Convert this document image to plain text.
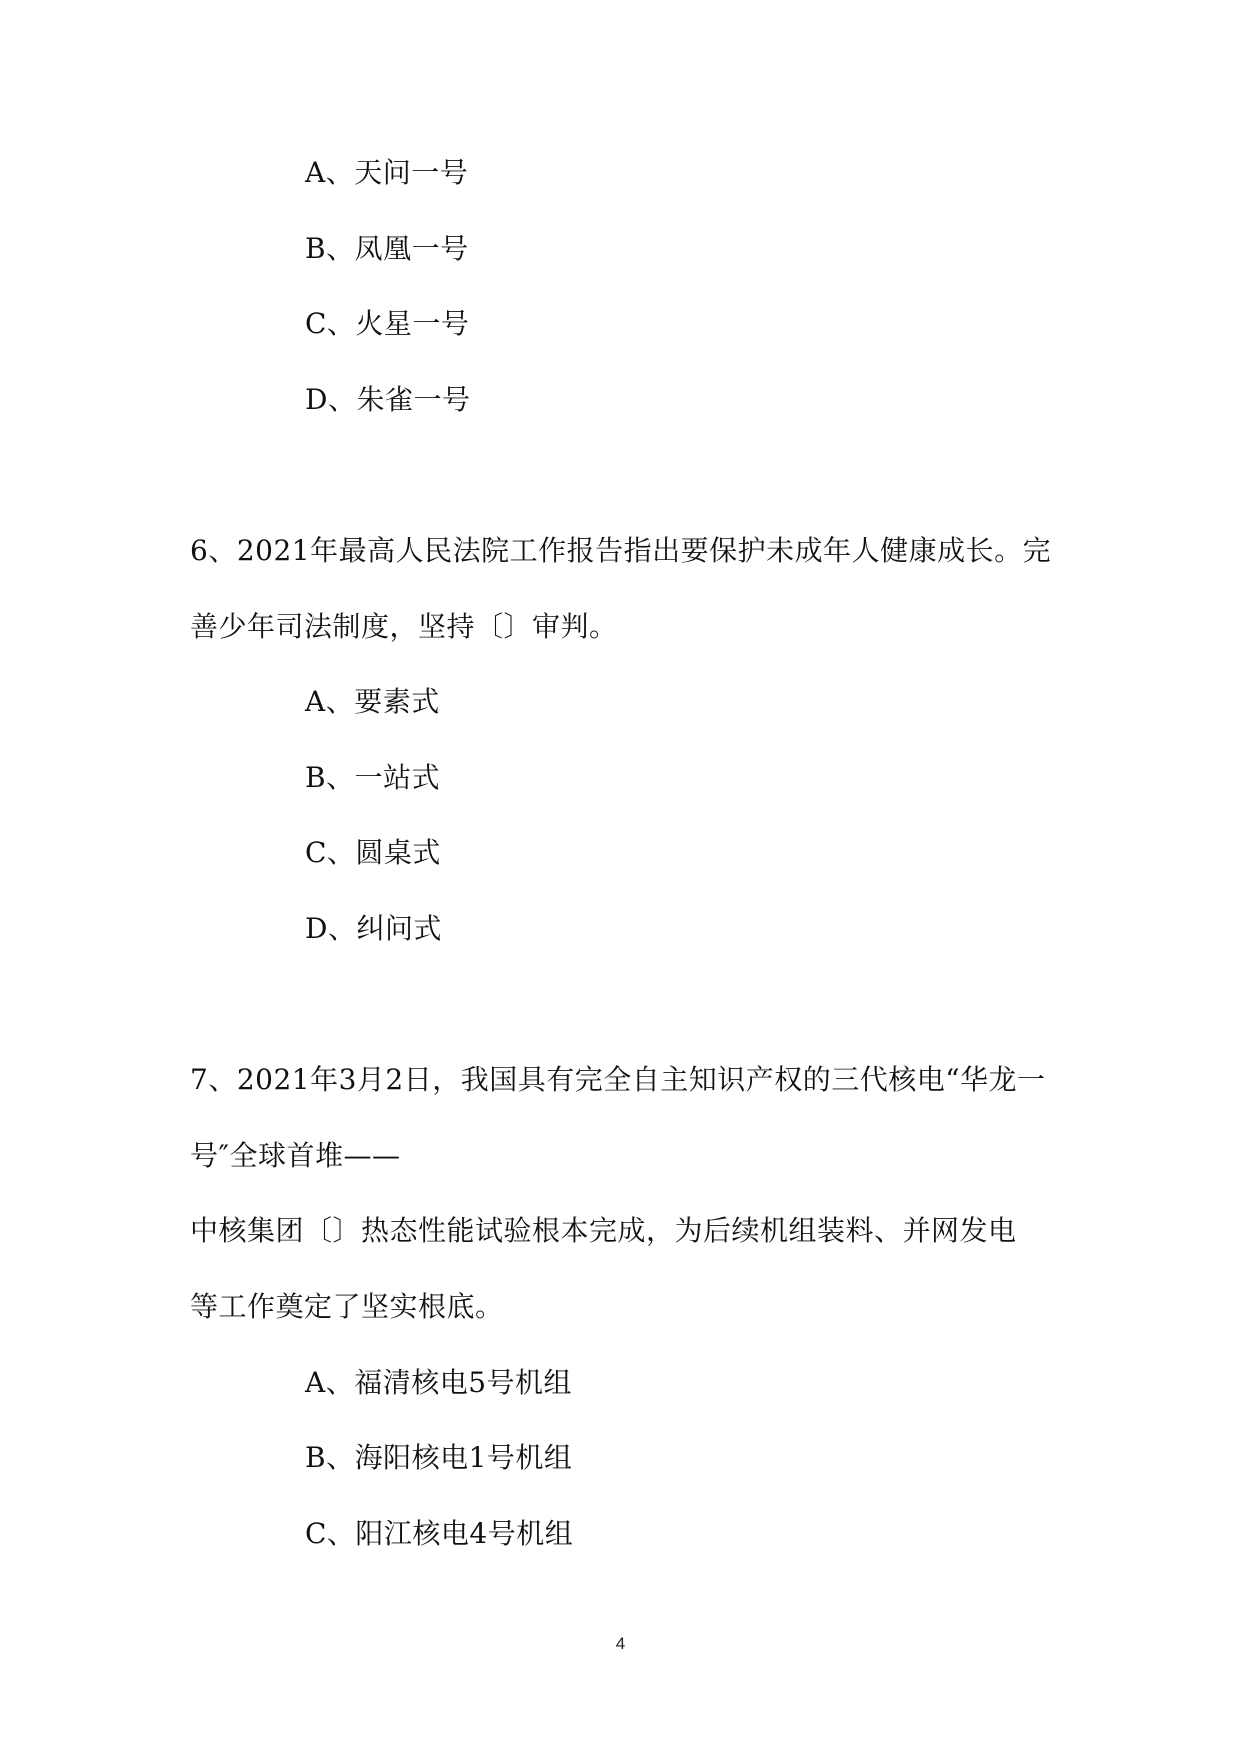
A、天问一号
B、凤凰一号
C、火星一号
D、朱雀一号
6、2021年最高人民法院工作报告指出要保护未成年人健康成长。完
善少年司法制度，坚持〔〕审判。
A、要素式
B、一站式
C、圆桌式
D、纠问式
7、2021年3月2日，我国具有完全自主知识产权的三代核电“华龙一
号″全球首堆——
中核集团〔〕热态性能试验根本完成，为后续机组装料、并网发电
等工作奠定了坚实根底。
A、福清核电5号机组
B、海阳核电1号机组
C、阳江核电4号机组
4
